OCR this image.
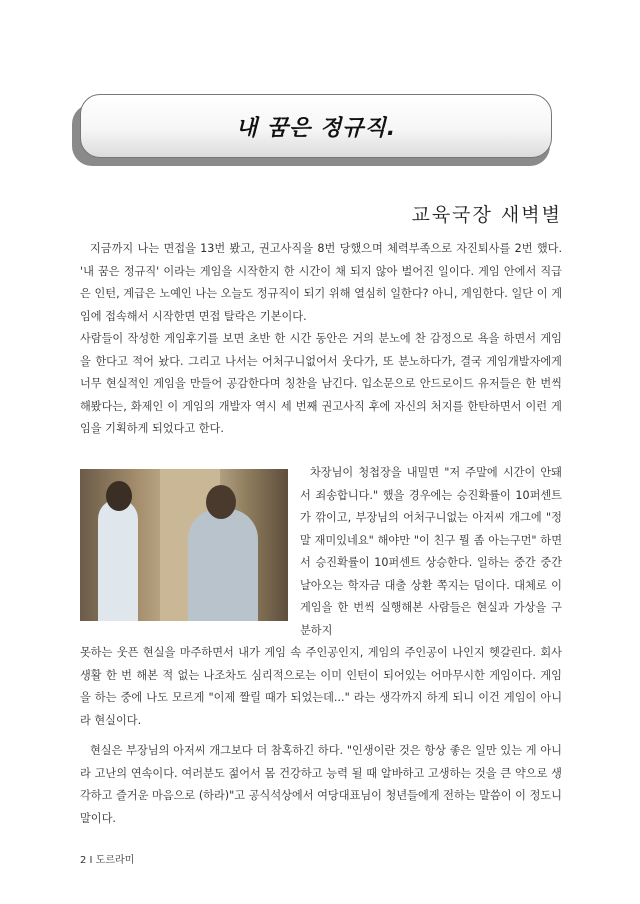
내 꿈은 정규직.
교육국장 새벽별

지금까지 나는 면접을 13번 봤고, 권고사직을 8번 당했으며 체력부족으로 자진퇴사를 2번 했다. '내 꿈은 정규직' 이라는 게임을 시작한지 한 시간이 채 되지 않아 벌어진 일이다. 게임 안에서 직급은 인턴, 계급은 노예인 나는 오늘도 정규직이 되기 위해 열심히 일한다? 아니, 게임한다. 일단 이 게임에 접속해서 시작한면 면접 탈락은 기본이다.

사람들이 작성한 게임후기를 보면 초반 한 시간 동안은 거의 분노에 찬 감정으로 욕을 하면서 게임을 한다고 적어 놨다. 그리고 나서는 어처구니없어서 웃다가, 또 분노하다가, 결국 게임개발자에게 너무 현실적인 게임을 만들어 공감한다며 칭찬을 남긴다. 입소문으로 안드로이드 유저들은 한 번씩 해봤다는, 화제인 이 게임의 개발자 역시 세 번째 권고사직 후에 자신의 처지를 한탄하면서 이런 게임을 기획하게 되었다고 한다.

차장님이 청첩장을 내밀면 "저 주말에 시간이 안돼서 죄송합니다." 했을 경우에는 승진확률이 10퍼센트가 깎이고, 부장님의 어처구니없는 아저씨 개그에 "정말 재미있네요" 해야만 "이 친구 뭘 좀 아는구먼" 하면서 승진확률이 10퍼센트 상승한다. 일하는 중간 중간 날아오는 학자금 대출 상환 쪽지는 덤이다. 대체로 이 게임을 한 번씩 실행해본 사람들은 현실과 가상을 구분하지

못하는 웃픈 현실을 마주하면서 내가 게임 속 주인공인지, 게임의 주인공이 나인지 헷갈린다. 회사생활 한 번 해본 적 없는 나조차도 심리적으로는 이미 인턴이 되어있는 어마무시한 게임이다. 게임을 하는 중에 나도 모르게 "이제 짤릴 때가 되었는데..." 라는 생각까지 하게 되니 이건 게임이 아니라 현실이다.

현실은 부장님의 아저씨 개그보다 더 참혹하긴 하다. "인생이란 것은 항상 좋은 일만 있는 게 아니라 고난의 연속이다. 여러분도 젊어서 몸 건강하고 능력 될 때 알바하고 고생하는 것을 큰 약으로 생각하고 즐거운 마음으로 (하라)"고 공식석상에서 여당대표님이 청년들에게 전하는 말씀이 이 정도니 말이다.

2 I 도르라미
